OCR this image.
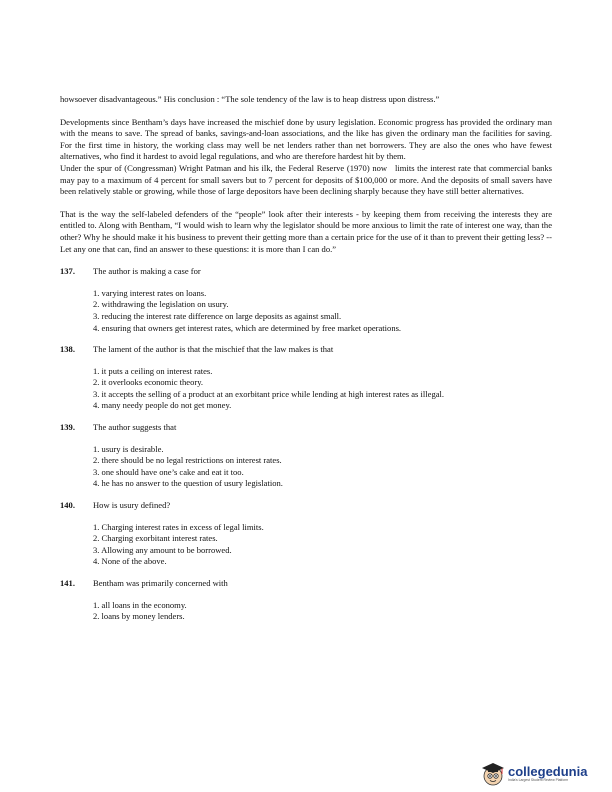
howsoever disadvantageous.” His conclusion : “The sole tendency of the law is to heap distress upon distress.”

Developments since Bentham’s days have increased the mischief done by usury legislation. Economic progress has provided the ordinary man with the means to save. The spread of banks, savings-and-loan associations, and the like has given the ordinary man the facilities for saving. For the first time in history, the working class may well be net lenders rather than net borrowers. They are also the ones who have fewest alternatives, who find it hardest to avoid legal regulations, and who are therefore hardest hit by them.

Under the spur of (Congressman) Wright Patman and his ilk, the Federal Reserve (1970) now   limits the interest rate that commercial banks may pay to a maximum of 4 percent for small savers but to 7 percent for deposits of $100,000 or more. And the deposits of small savers have been relatively stable or growing, while those of large depositors have been declining sharply because they have still better alternatives.

That is the way the self-labeled defenders of the “people” look after their interests - by keeping them from receiving the interests they are entitled to. Along with Bentham, “I would wish to learn why the legislator should be more anxious to limit the rate of interest one way, than the other? Why he should make it his business to prevent their getting more than a certain price for the use of it than to prevent their getting less? -- Let any one that can, find an answer to these questions: it is more than I can do.”

137.	The author is making a case for
1. varying interest rates on loans.
2. withdrawing the legislation on usury.
3. reducing the interest rate difference on large deposits as against small.
4. ensuring that owners get interest rates, which are determined by free market operations.
138.	The lament of the author is that the mischief that the law makes is that
1. it puts a ceiling on interest rates.
2. it overlooks economic theory.
3. it accepts the selling of a product at an exorbitant price while lending at high interest rates as illegal.
4. many needy people do not get money.
139.	The author suggests that
1. usury is desirable.
2. there should be no legal restrictions on interest rates.
3. one should have one’s cake and eat it too.
4. he has no answer to the question of usury legislation.
140.	How is usury defined?
1. Charging interest rates in excess of legal limits.
2. Charging exorbitant interest rates.
3. Allowing any amount to be borrowed.
4. None of the above.
141.	Bentham was primarily concerned with
1. all loans in the economy.
2. loans by money lenders.
collegedunia
India's Largest Student Review Platform
